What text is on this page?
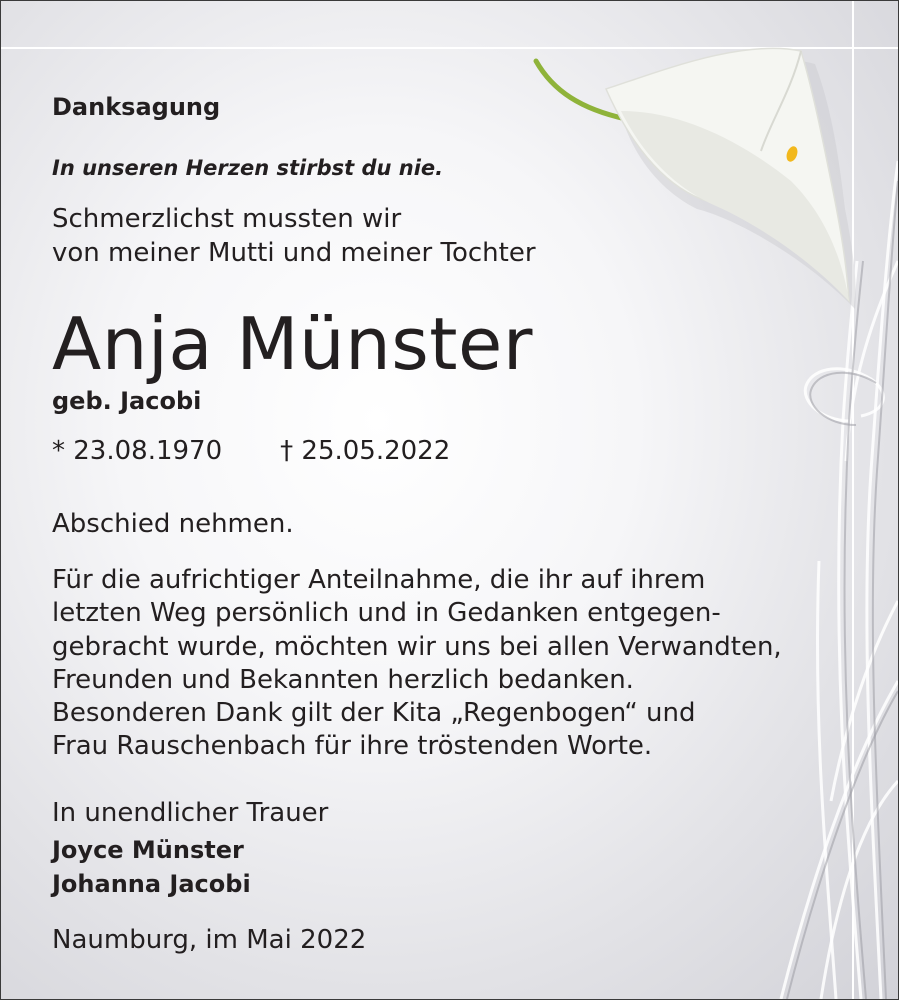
Danksagung
In unseren Herzen stirbst du nie.
Schmerzlichst mussten wir
von meiner Mutti und meiner Tochter
Anja Münster
geb. Jacobi
* 23.08.1970 † 25.05.2022
Abschied nehmen.
Für die aufrichtiger Anteilnahme, die ihr auf ihrem
letzten Weg persönlich und in Gedanken entgegen-
gebracht wurde, möchten wir uns bei allen Verwandten,
Freunden und Bekannten herzlich bedanken.
Besonderen Dank gilt der Kita „Regenbogen“ und
Frau Rauschenbach für ihre tröstenden Worte.
In unendlicher Trauer
Joyce Münster
Johanna Jacobi
Naumburg, im Mai 2022
